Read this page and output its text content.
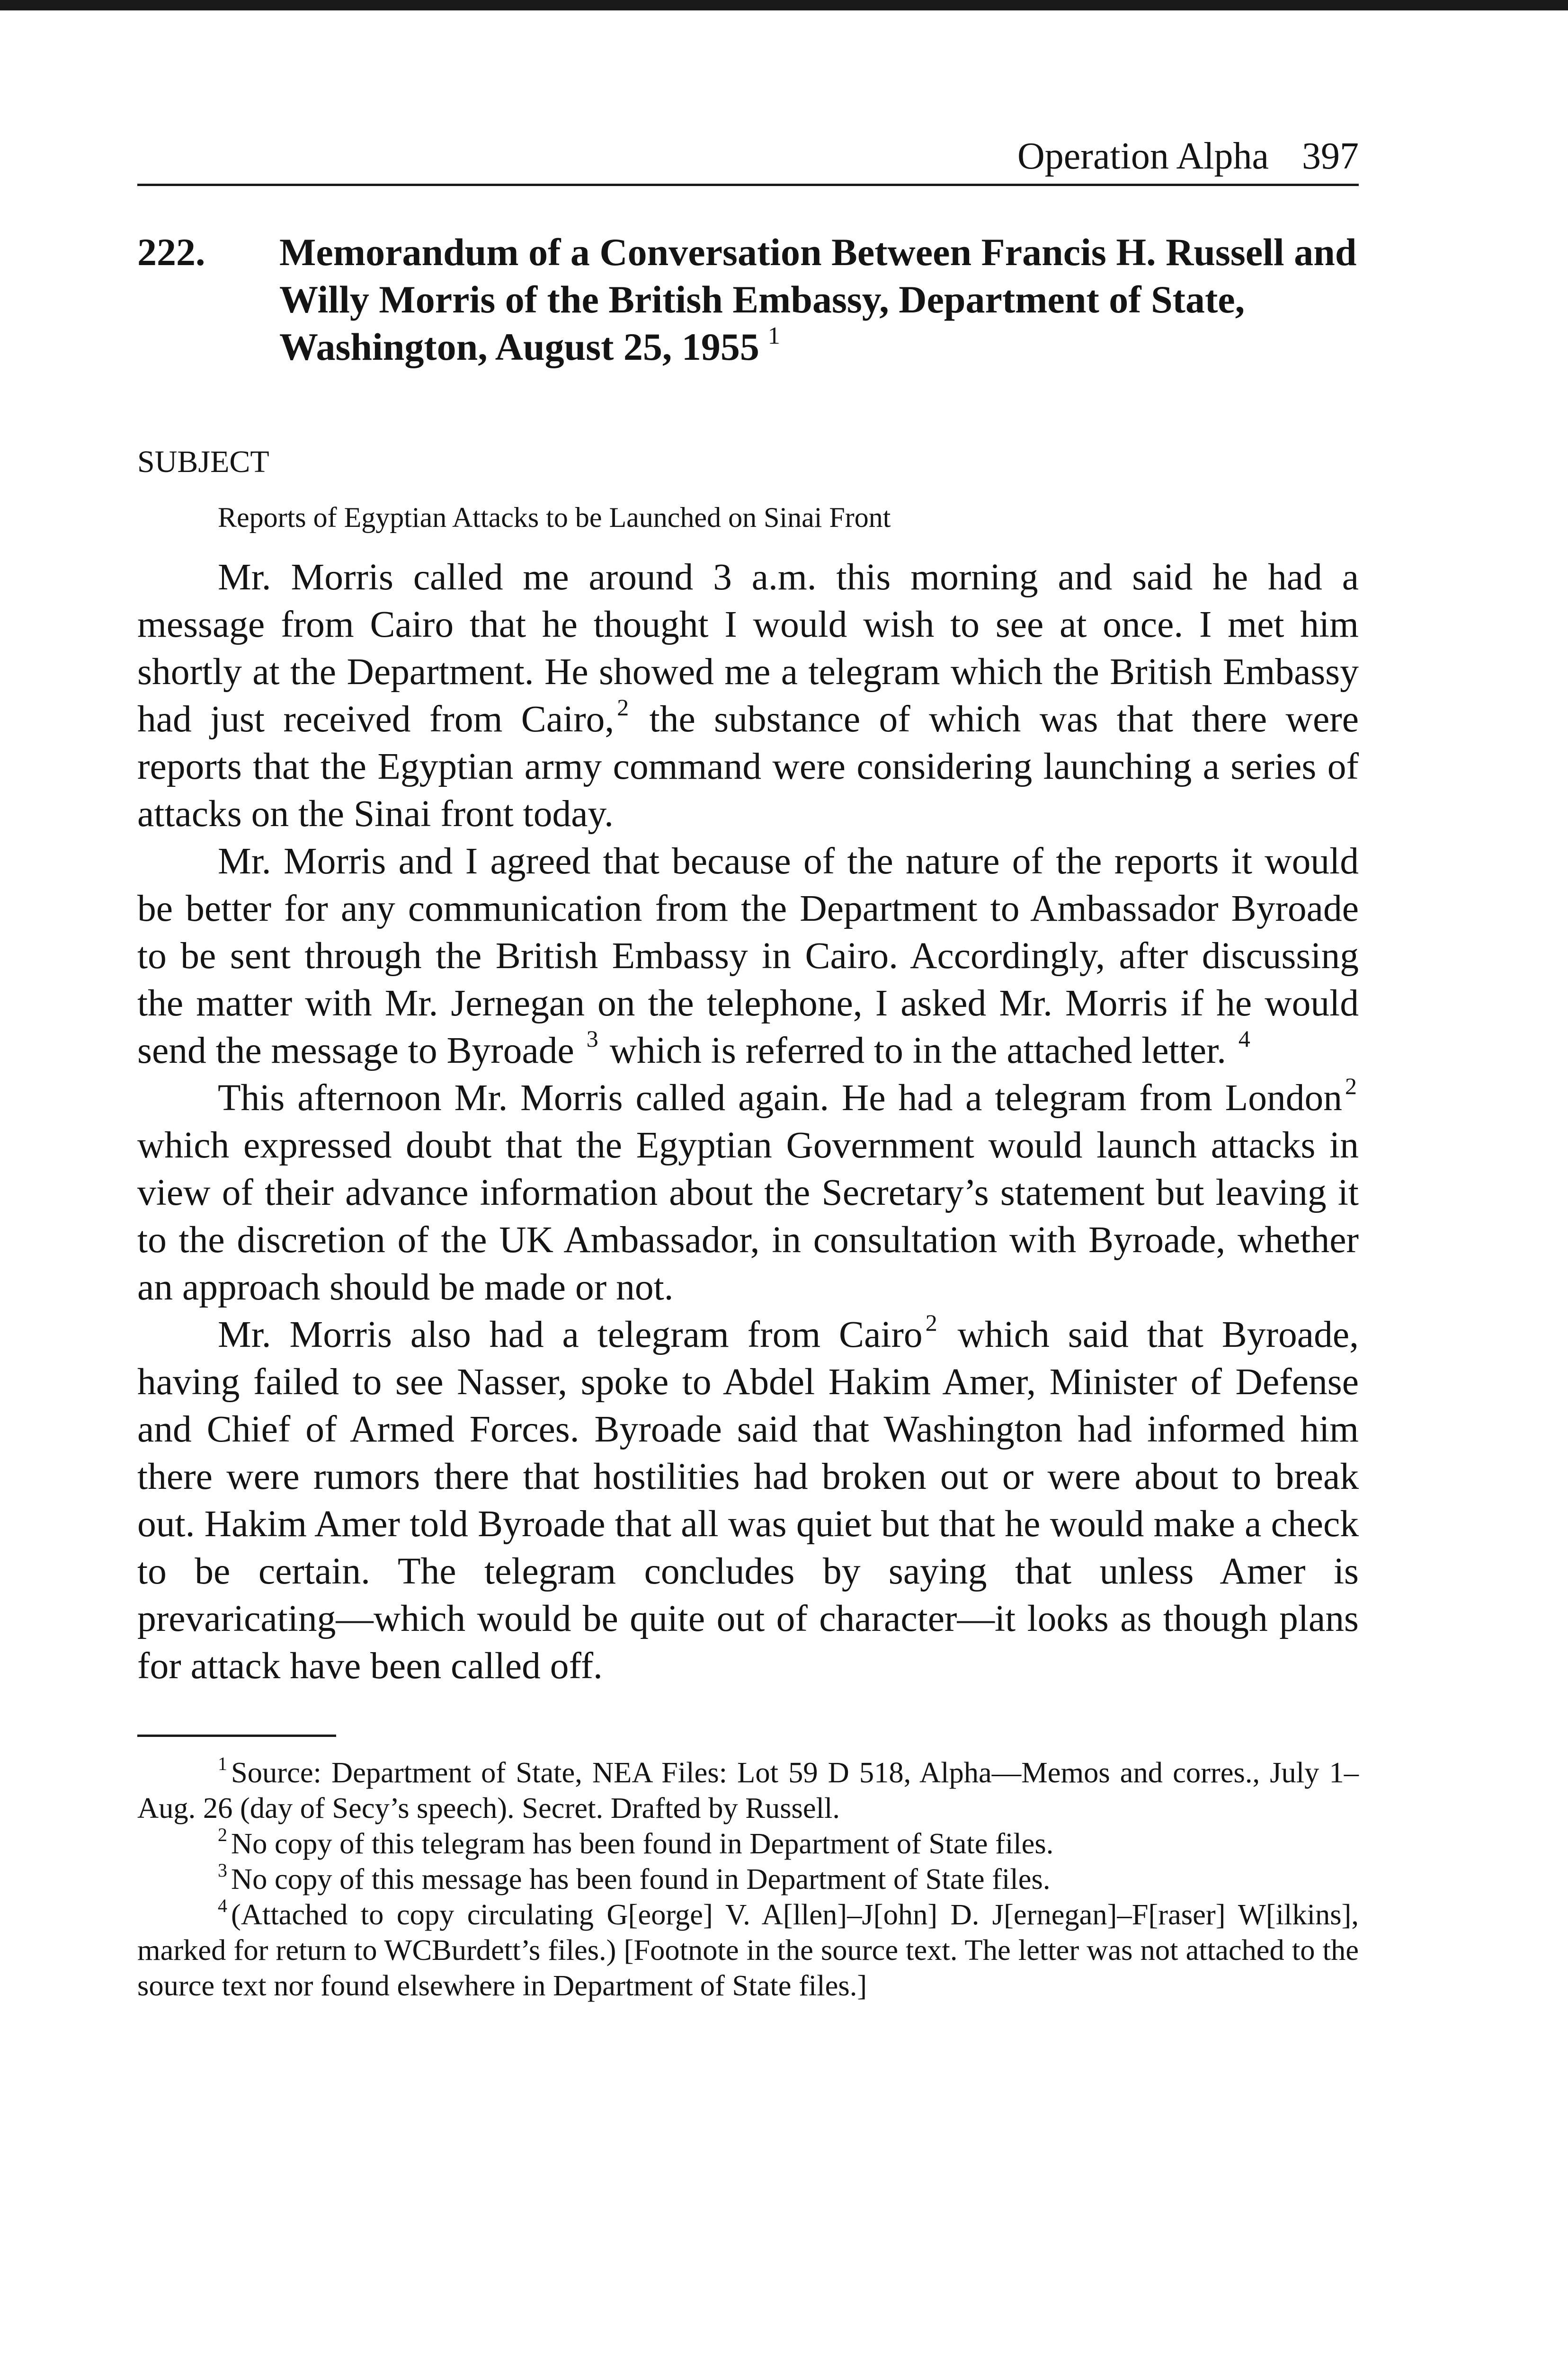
Operation Alpha 397
222.	Memorandum of a Conversation Between Francis H. Russell and Willy Morris of the British Embassy, Department of State, Washington, August 25, 1955 $^1$
SUBJECT
Reports of Egyptian Attacks to be Launched on Sinai Front

Mr. Morris called me around 3 a.m. this morning and said he had a message from Cairo that he thought I would wish to see at once. I met him shortly at the Department. He showed me a telegram which the British Embassy had just received from Cairo, $^2$ the substance of which was that there were reports that the Egyptian army command were considering launching a series of attacks on the Sinai front today.

Mr. Morris and I agreed that because of the nature of the reports it would be better for any communication from the Department to Ambassador Byroade to be sent through the British Embassy in Cairo. Accordingly, after discussing the matter with Mr. Jernegan on the telephone, I asked Mr. Morris if he would send the message to Byroade $^3$ which is referred to in the attached letter. $^4$

This afternoon Mr. Morris called again. He had a telegram from London $^2$ which expressed doubt that the Egyptian Government would launch attacks in view of their advance information about the Secretary’s statement but leaving it to the discretion of the UK Ambassador, in consultation with Byroade, whether an approach should be made or not.

Mr. Morris also had a telegram from Cairo $^2$ which said that Byroade, having failed to see Nasser, spoke to Abdel Hakim Amer, Minister of Defense and Chief of Armed Forces. Byroade said that Washington had informed him there were rumors there that hostilities had broken out or were about to break out. Hakim Amer told Byroade that all was quiet but that he would make a check to be certain. The telegram concludes by saying that unless Amer is prevaricating—which would be quite out of character—it looks as though plans for attack have been called off.

$^1$ Source: Department of State, NEA Files: Lot 59 D 518, Alpha—Memos and corres., July 1–Aug. 26 (day of Secy’s speech). Secret. Drafted by Russell.

$^2$ No copy of this telegram has been found in Department of State files.

$^3$ No copy of this message has been found in Department of State files.

$^4$ (Attached to copy circulating G[eorge] V. A[llen]–J[ohn] D. J[ernegan]–F[raser] W[ilkins], marked for return to WCBurdett’s files.) [Footnote in the source text. The letter was not attached to the source text nor found elsewhere in Department of State files.]
